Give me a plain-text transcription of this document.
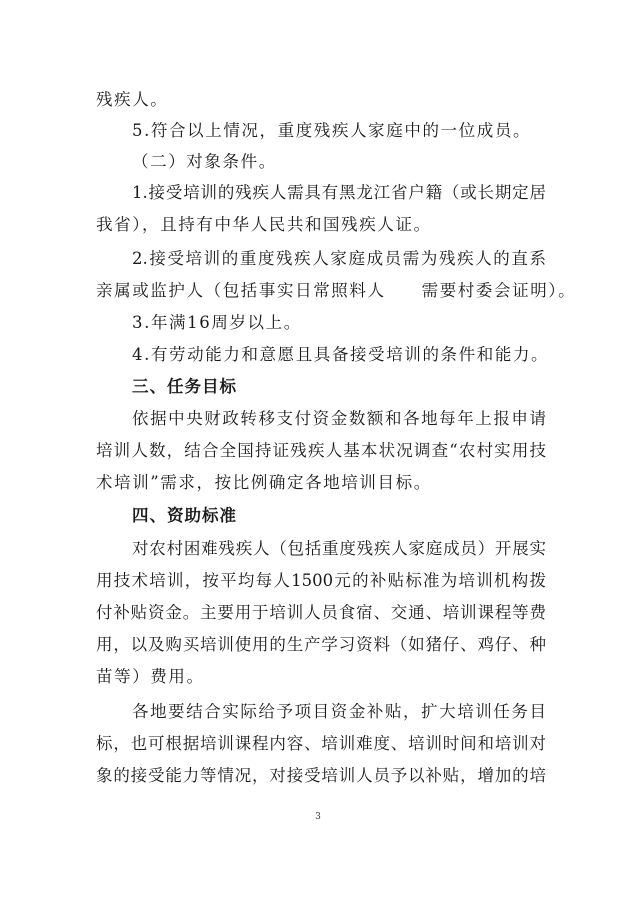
残疾人。
5.符合以上情况，重度残疾人家庭中的一位成员。
（二）对象条件。
1.接受培训的残疾人需具有黑龙江省户籍（或长期定居
我省），且持有中华人民共和国残疾人证。
2.接受培训的重度残疾人家庭成员需为残疾人的直系
亲属或监护人（包括事实日常照料人 需要村委会证明）。
3.年满16周岁以上。
4.有劳动能力和意愿且具备接受培训的条件和能力。
三、任务目标
依据中央财政转移支付资金数额和各地每年上报申请
培训人数，结合全国持证残疾人基本状况调查“农村实用技
术培训”需求，按比例确定各地培训目标。
四、资助标准
对农村困难残疾人（包括重度残疾人家庭成员）开展实
用技术培训，按平均每人1500元的补贴标准为培训机构拨
付补贴资金。主要用于培训人员食宿、交通、培训课程等费
用，以及购买培训使用的生产学习资料（如猪仔、鸡仔、种
苗等）费用。
各地要结合实际给予项目资金补贴，扩大培训任务目
标，也可根据培训课程内容、培训难度、培训时间和培训对
象的接受能力等情况，对接受培训人员予以补贴，增加的培
3
